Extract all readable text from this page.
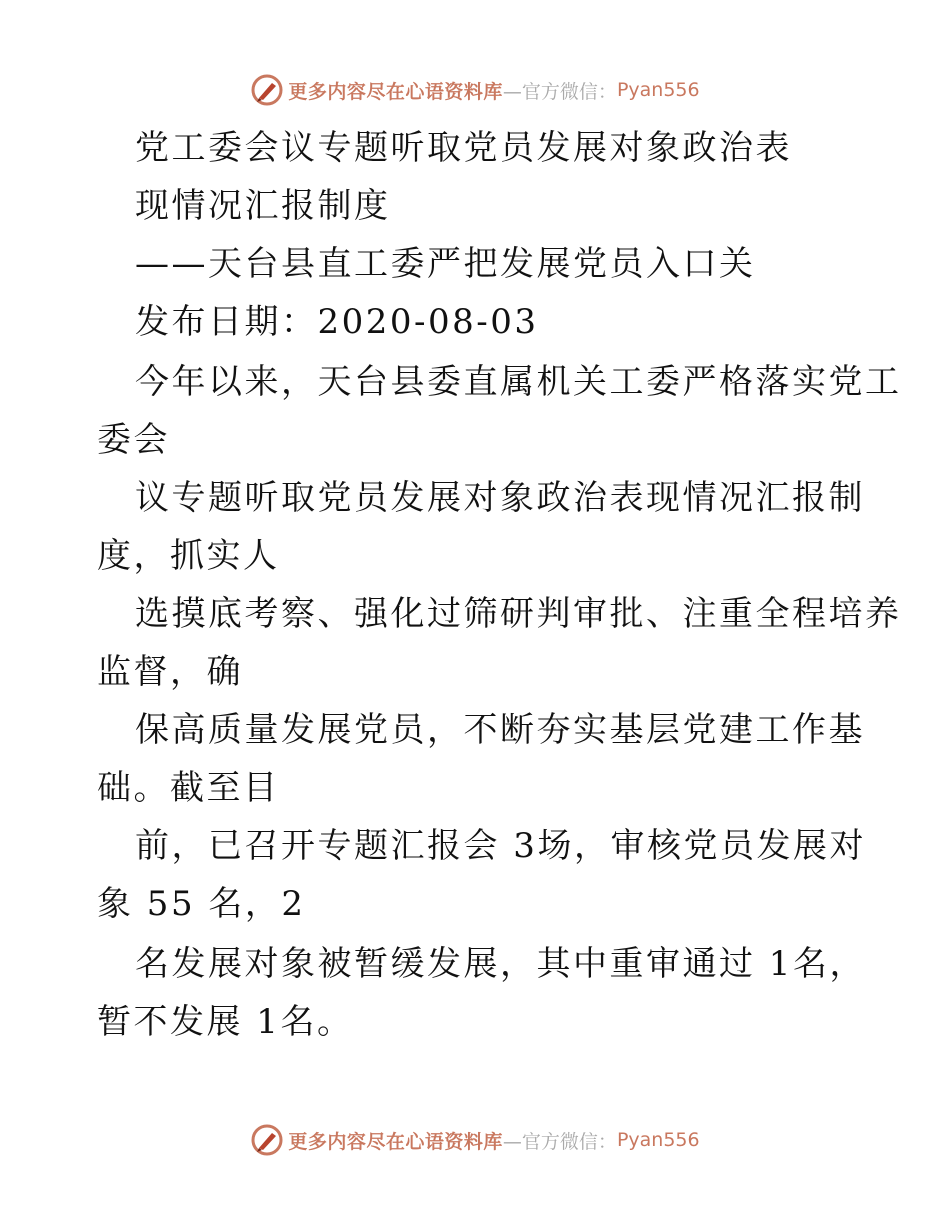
更多内容尽在心语资料库 —官方微信： Pyan556
党工委会议专题听取党员发展对象政治表
现情况汇报制度
——天台县直工委严把发展党员入口关
发布日期：2020-08-03
今年以来，天台县委直属机关工委严格落实党工
委会
议专题听取党员发展对象政治表现情况汇报制
度，抓实人
选摸底考察、强化过筛研判审批、注重全程培养
监督，确
保高质量发展党员，不断夯实基层党建工作基
础。截至目
前，已召开专题汇报会 3场，审核党员发展对
象 55 名，2
名发展对象被暂缓发展，其中重审通过 1名，
暂不发展 1名。
更多内容尽在心语资料库 —官方微信： Pyan556
